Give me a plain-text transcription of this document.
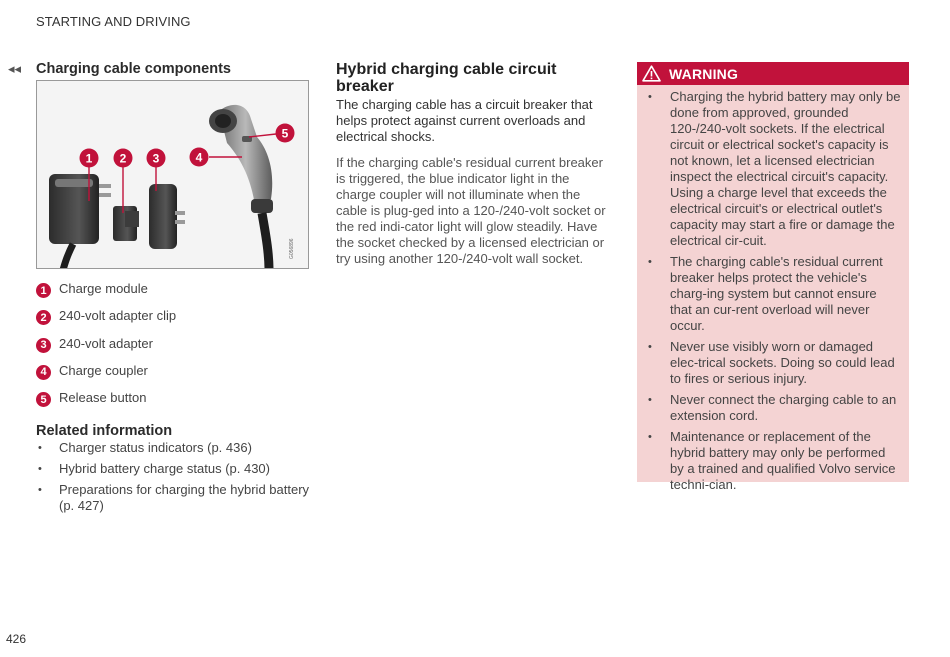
STARTING AND DRIVING
◂◂ Charging cable components
1 2 3	4
5
G056896
1 Charge module
2 240-volt adapter clip
3 240-volt adapter
4 Charge coupler
5 Release button
Related information
• Charger status indicators (p. 436)
• Hybrid battery charge status (p. 430)
• Preparations for charging the hybrid battery (p. 427)
Hybrid charging cable circuit breaker
The charging cable has a circuit breaker that helps protect against current overloads and electrical shocks.
If the charging cable's residual current breaker is triggered, the blue indicator light in the charge coupler will not illuminate when the cable is plug-ged into a 120-/240-volt socket or the red indi-cator light will glow steadily. Have the socket checked by a licensed electrician or try using another 120-/240-volt wall socket.
WARNING
• Charging the hybrid battery may only be done from approved, grounded 120-/240-volt sockets. If the electrical circuit or electrical socket's capacity is not known, let a licensed electrician inspect the electrical circuit's capacity. Using a charge level that exceeds the electrical circuit's or electrical outlet's capacity may start a fire or damage the electrical cir-cuit.
• The charging cable's residual current breaker helps protect the vehicle's charg-ing system but cannot ensure that an cur-rent overload will never occur.
• Never use visibly worn or damaged elec-trical sockets. Doing so could lead to fires or serious injury.
• Never connect the charging cable to an extension cord.
• Maintenance or replacement of the hybrid battery may only be performed by a trained and qualified Volvo service techni-cian.
426
